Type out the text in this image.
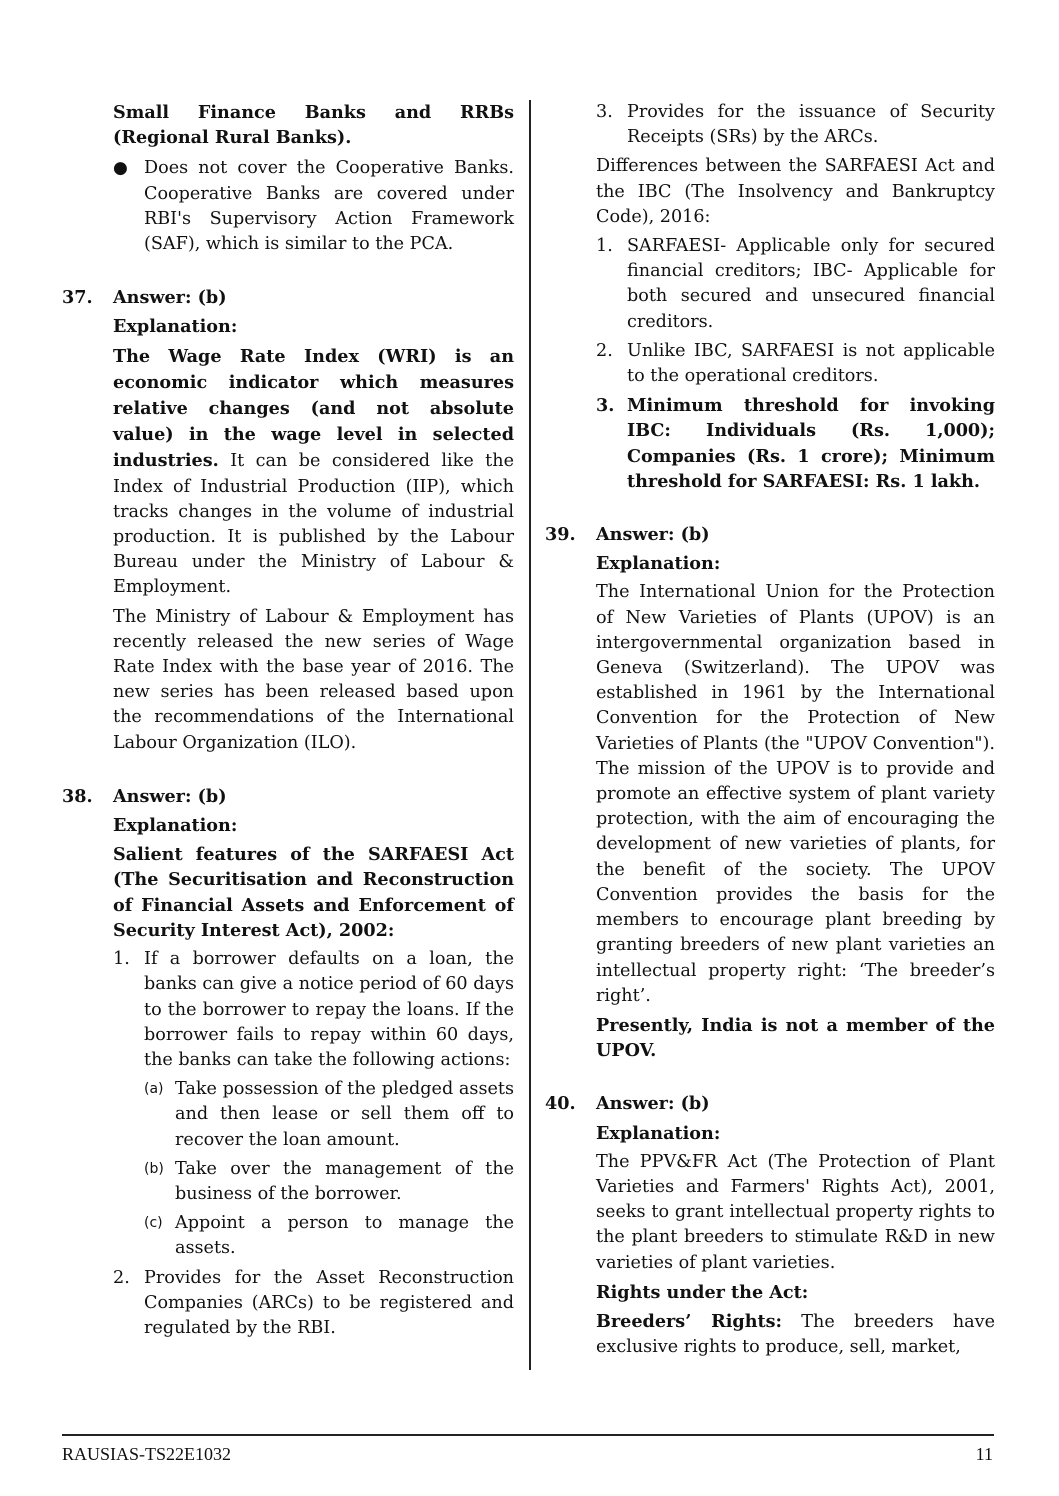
Small Finance Banks and RRBs (Regional Rural Banks).

● Does not cover the Cooperative Banks. Cooperative Banks are covered under RBI's Supervisory Action Framework (SAF), which is similar to the PCA.

37.	Answer: (b)

Explanation:

The Wage Rate Index (WRI) is an economic indicator which measures relative changes (and not absolute value) in the wage level in selected industries. It can be considered like the Index of Industrial Production (IIP), which tracks changes in the volume of industrial production. It is published by the Labour Bureau under the Ministry of Labour & Employment.

The Ministry of Labour & Employment has recently released the new series of Wage Rate Index with the base year of 2016. The new series has been released based upon the recommendations of the International Labour Organization (ILO).

38.	Answer: (b)

Explanation:

Salient features of the SARFAESI Act (The Securitisation and Reconstruction of Financial Assets and Enforcement of Security Interest Act), 2002:

1. If a borrower defaults on a loan, the banks can give a notice period of 60 days to the borrower to repay the loans. If the borrower fails to repay within 60 days, the banks can take the following actions:

(a) Take possession of the pledged assets and then lease or sell them off to recover the loan amount.

(b) Take over the management of the business of the borrower.

(c) Appoint a person to manage the assets.

2. Provides for the Asset Reconstruction Companies (ARCs) to be registered and regulated by the RBI.

3. Provides for the issuance of Security Receipts (SRs) by the ARCs.

Differences between the SARFAESI Act and the IBC (The Insolvency and Bankruptcy Code), 2016:

1. SARFAESI- Applicable only for secured financial creditors; IBC- Applicable for both secured and unsecured financial creditors.

2. Unlike IBC, SARFAESI is not applicable to the operational creditors.

3. Minimum threshold for invoking IBC: Individuals (Rs. 1,000); Companies (Rs. 1 crore); Minimum threshold for SARFAESI: Rs. 1 lakh.

39.	Answer: (b)

Explanation:

The International Union for the Protection of New Varieties of Plants (UPOV) is an intergovernmental organization based in Geneva (Switzerland). The UPOV was established in 1961 by the International Convention for the Protection of New Varieties of Plants (the "UPOV Convention"). The mission of the UPOV is to provide and promote an effective system of plant variety protection, with the aim of encouraging the development of new varieties of plants, for the benefit of the society. The UPOV Convention provides the basis for the members to encourage plant breeding by granting breeders of new plant varieties an intellectual property right: ‘The breeder’s right’.

Presently, India is not a member of the UPOV.

40.	Answer: (b)

Explanation:

The PPV&FR Act (The Protection of Plant Varieties and Farmers' Rights Act), 2001, seeks to grant intellectual property rights to the plant breeders to stimulate R&D in new varieties of plant varieties.

Rights under the Act:

Breeders’ Rights: The breeders have exclusive rights to produce, sell, market,

RAUSIAS-TS22E1032	11
